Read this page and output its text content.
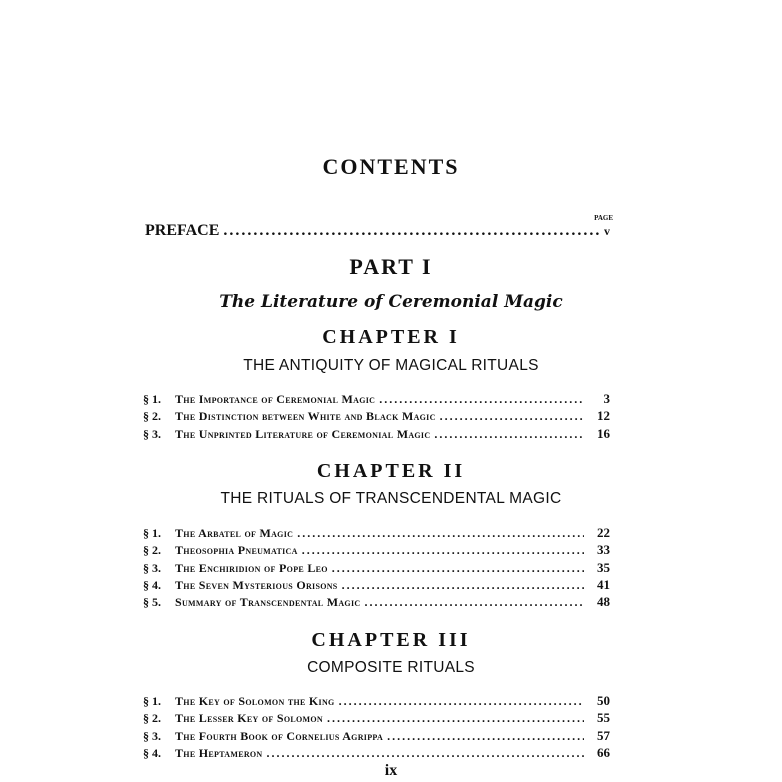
CONTENTS
PAGE
PREFACE .....	v
PART I
The Literature of Ceremonial Magic
CHAPTER I
THE ANTIQUITY OF MAGICAL RITUALS
§ 1.	The Importance of Ceremonial Magic .....	3
§ 2.	The Distinction between White and Black Magic .....	12
§ 3.	The Unprinted Literature of Ceremonial Magic .....	16
CHAPTER II
THE RITUALS OF TRANSCENDENTAL MAGIC
§ 1.	The Arbatel of Magic .....	22
§ 2.	Theosophia Pneumatica .....	33
§ 3.	The Enchiridion of Pope Leo .....	35
§ 4.	The Seven Mysterious Orisons .....	41
§ 5.	Summary of Transcendental Magic .....	48
CHAPTER III
COMPOSITE RITUALS
§ 1.	The Key of Solomon the King .....	50
§ 2.	The Lesser Key of Solomon .....	55
§ 3.	The Fourth Book of Cornelius Agrippa .....	57
§ 4.	The Heptameron .....	66
ix
